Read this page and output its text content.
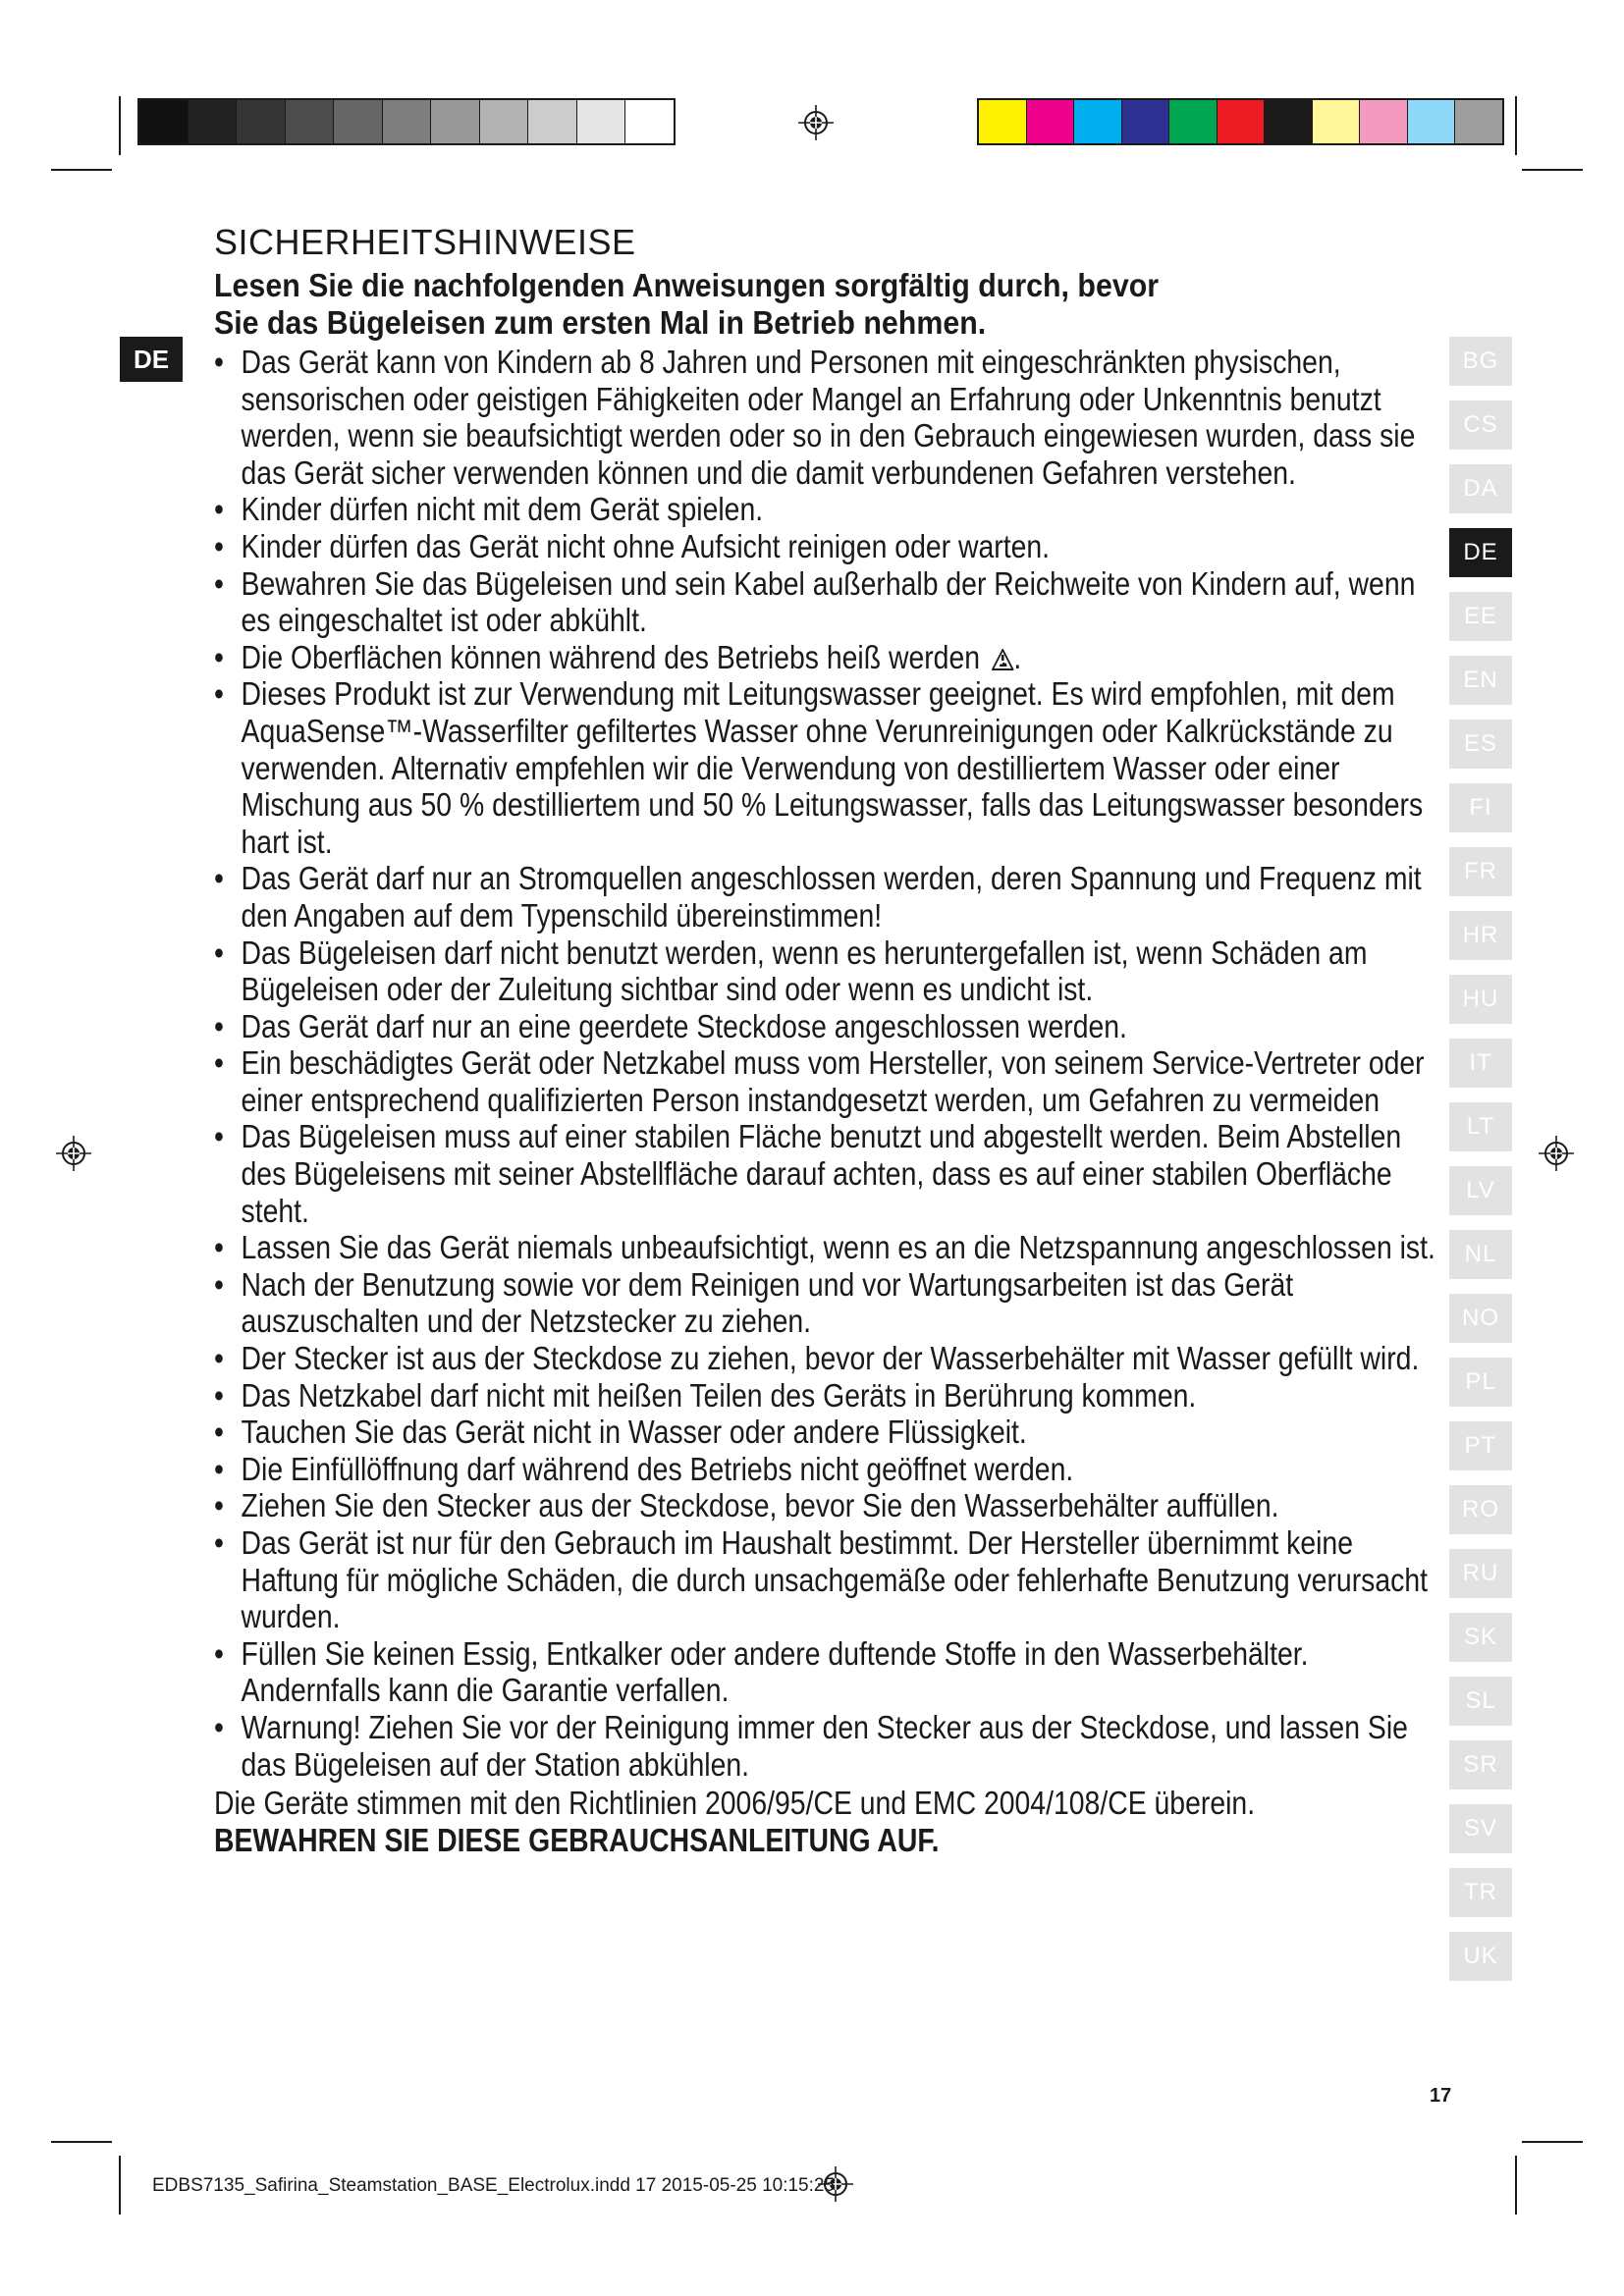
DE
SICHERHEITSHINWEISE
Lesen Sie die nachfolgenden Anweisungen sorgfältig durch, bevor Sie das Bügeleisen zum ersten Mal in Betrieb nehmen.
• Das Gerät kann von Kindern ab 8 Jahren und Personen mit eingeschränkten physischen, sensorischen oder geistigen Fähigkeiten oder Mangel an Erfahrung oder Unkenntnis benutzt werden, wenn sie beaufsichtigt werden oder so in den Gebrauch eingewiesen wurden, dass sie das Gerät sicher verwenden können und die damit verbundenen Gefahren verstehen.
• Kinder dürfen nicht mit dem Gerät spielen.
• Kinder dürfen das Gerät nicht ohne Aufsicht reinigen oder warten.
• Bewahren Sie das Bügeleisen und sein Kabel außerhalb der Reichweite von Kindern auf, wenn es eingeschaltet ist oder abkühlt.
• Die Oberflächen können während des Betriebs heiß werden .
• Dieses Produkt ist zur Verwendung mit Leitungswasser geeignet. Es wird empfohlen, mit dem AquaSense™-Wasserfilter gefiltertes Wasser ohne Verunreinigungen oder Kalkrückstände zu verwenden. Alternativ empfehlen wir die Verwendung von destilliertem Wasser oder einer Mischung aus 50 % destilliertem und 50 % Leitungswasser, falls das Leitungswasser besonders hart ist.
• Das Gerät darf nur an Stromquellen angeschlossen werden, deren Spannung und Frequenz mit den Angaben auf dem Typenschild übereinstimmen!
• Das Bügeleisen darf nicht benutzt werden, wenn es heruntergefallen ist, wenn Schäden am Bügeleisen oder der Zuleitung sichtbar sind oder wenn es undicht ist.
• Das Gerät darf nur an eine geerdete Steckdose angeschlossen werden.
• Ein beschädigtes Gerät oder Netzkabel muss vom Hersteller, von seinem Service-Vertreter oder einer entsprechend qualifizierten Person instandgesetzt werden, um Gefahren zu vermeiden
• Das Bügeleisen muss auf einer stabilen Fläche benutzt und abgestellt werden. Beim Abstellen des Bügeleisens mit seiner Abstellfläche darauf achten, dass es auf einer stabilen Oberfläche steht.
• Lassen Sie das Gerät niemals unbeaufsichtigt, wenn es an die Netzspannung angeschlossen ist.
• Nach der Benutzung sowie vor dem Reinigen und vor Wartungsarbeiten ist das Gerät auszuschalten und der Netzstecker zu ziehen.
• Der Stecker ist aus der Steckdose zu ziehen, bevor der Wasserbehälter mit Wasser gefüllt wird.
• Das Netzkabel darf nicht mit heißen Teilen des Geräts in Berührung kommen.
• Tauchen Sie das Gerät nicht in Wasser oder andere Flüssigkeit.
• Die Einfüllöffnung darf während des Betriebs nicht geöffnet werden.
• Ziehen Sie den Stecker aus der Steckdose, bevor Sie den Wasserbehälter auffüllen.
• Das Gerät ist nur für den Gebrauch im Haushalt bestimmt. Der Hersteller übernimmt keine Haftung für mögliche Schäden, die durch unsachgemäße oder fehlerhafte Benutzung verursacht wurden.
• Füllen Sie keinen Essig, Entkalker oder andere duftende Stoffe in den Wasserbehälter. Andernfalls kann die Garantie verfallen.
• Warnung! Ziehen Sie vor der Reinigung immer den Stecker aus der Steckdose, und lassen Sie das Bügeleisen auf der Station abkühlen.
Die Geräte stimmen mit den Richtlinien 2006/95/CE und EMC 2004/108/CE überein.
BEWAHREN SIE DIESE GEBRAUCHSANLEITUNG AUF.
BG
CS
DA
DE
EE
EN
ES
FI
FR
HR
HU
IT
LT
LV
NL
NO
PL
PT
RO
RU
SK
SL
SR
SV
TR
UK
17
EDBS7135_Safirina_Steamstation_BASE_Electrolux.indd 17 2015-05-25 10:15:25
